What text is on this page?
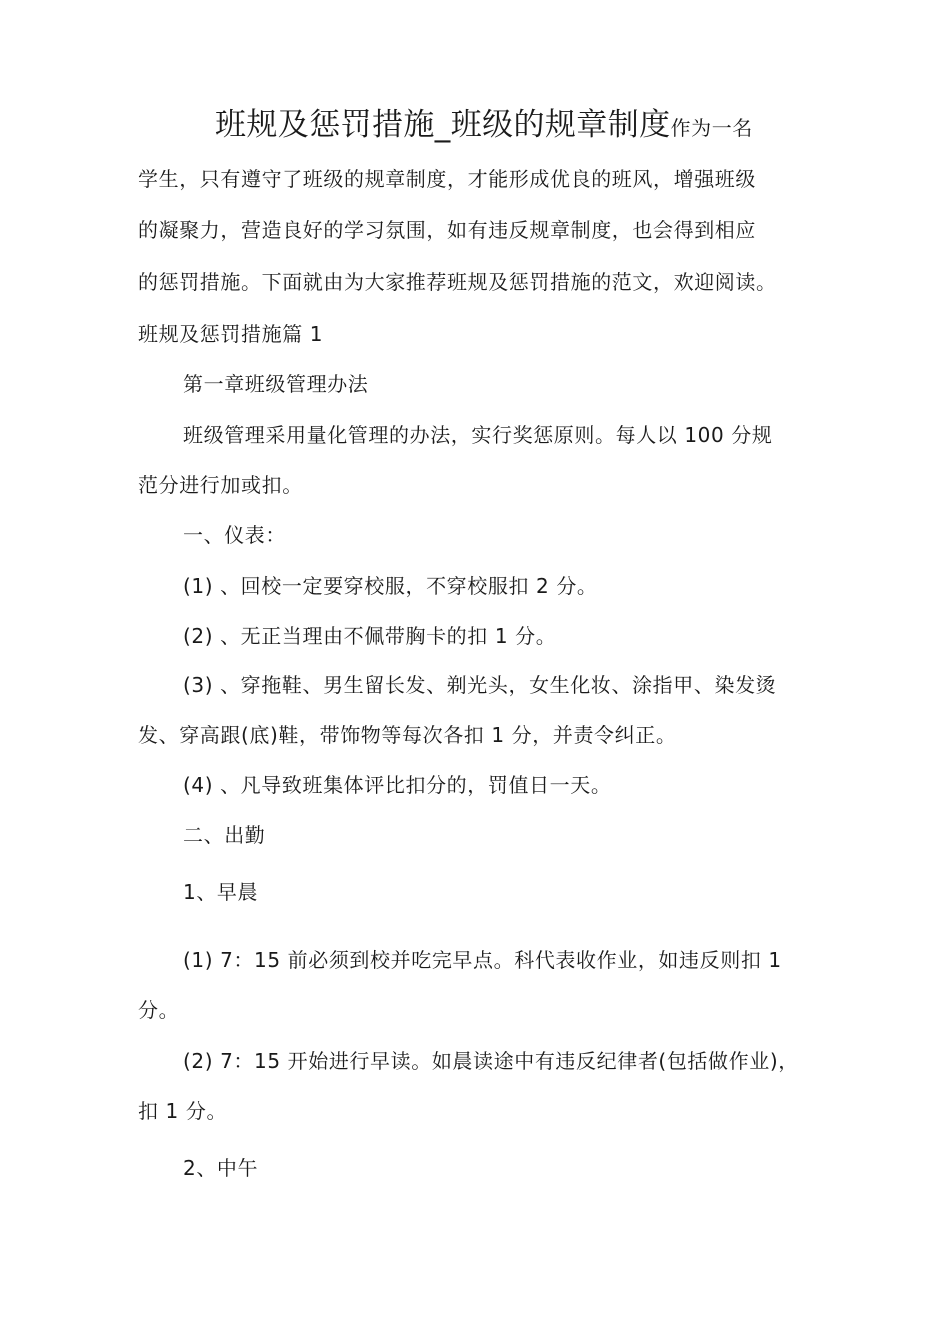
班规及惩罚措施_班级的规章制度作为一名
学生，只有遵守了班级的规章制度，才能形成优良的班风，增强班级
的凝聚力，营造良好的学习氛围，如有违反规章制度，也会得到相应
的惩罚措施。下面就由为大家推荐班规及惩罚措施的范文，欢迎阅读。
班规及惩罚措施篇 1
第一章班级管理办法
班级管理采用量化管理的办法，实行奖惩原则。每人以 100 分规
范分进行加或扣。
一、仪表：
(1) 、回校一定要穿校服，不穿校服扣 2 分。
(2) 、无正当理由不佩带胸卡的扣 1 分。
(3) 、穿拖鞋、男生留长发、剃光头，女生化妆、涂指甲、染发烫
发、穿高跟(底)鞋，带饰物等每次各扣 1 分，并责令纠正。
(4) 、凡导致班集体评比扣分的，罚值日一天。
二、出勤
1、早晨
(1) 7：15 前必须到校并吃完早点。科代表收作业，如违反则扣 1
分。
(2) 7：15 开始进行早读。如晨读途中有违反纪律者(包括做作业)，
扣 1 分。
2、中午
